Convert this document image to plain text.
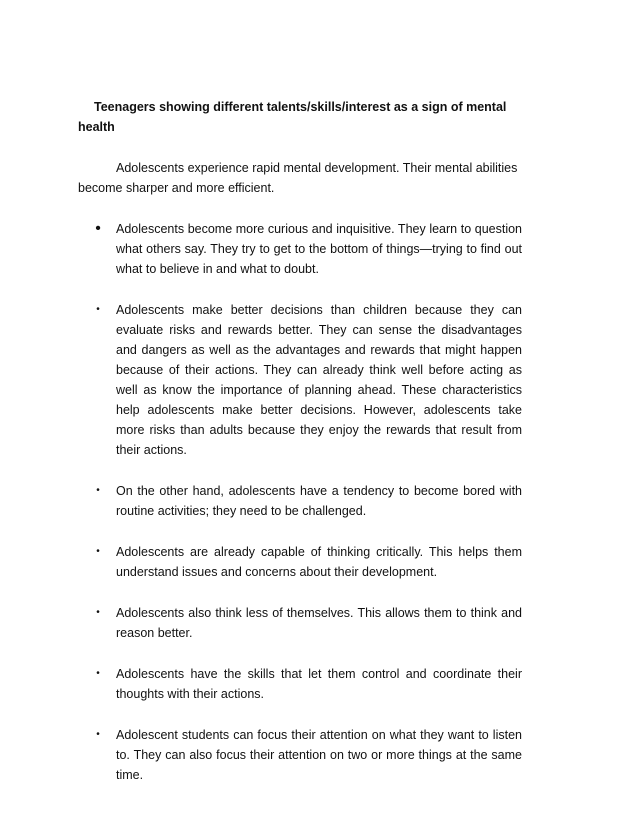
Teenagers showing different talents/skills/interest as a sign of mental health

Adolescents experience rapid mental development. Their mental abilities become sharper and more efficient.

• Adolescents become more curious and inquisitive. They learn to question what others say. They try to get to the bottom of things—trying to find out what to believe in and what to doubt.
•	Adolescents make better decisions than children because they can evaluate risks and rewards better. They can sense the disadvantages and dangers as well as the advantages and rewards that might happen because of their actions. They can already think well before acting as well as know the importance of planning ahead. These characteristics help adolescents make better decisions. However, adolescents take more risks than adults because they enjoy the rewards that result from their actions.
•	On the other hand, adolescents have a tendency to become bored with routine activities; they need to be challenged.
•	Adolescents are already capable of thinking critically. This helps them understand issues and concerns about their development.
•	Adolescents also think less of themselves. This allows them to think and reason better.
•	Adolescents have the skills that let them control and coordinate their thoughts with their actions.
•	Adolescent students can focus their attention on what they want to listen to. They can also focus their attention on two or more things at the same time.
